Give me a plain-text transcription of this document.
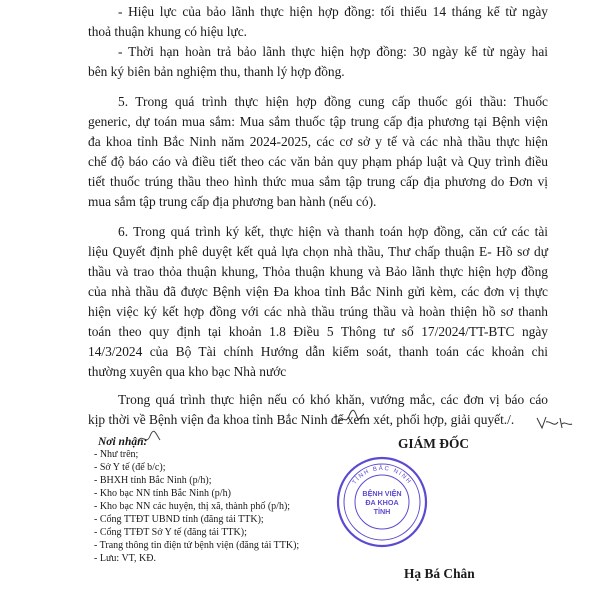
- Hiệu lực của bảo lãnh thực hiện hợp đồng: tối thiểu 14 tháng kể từ ngày
thoả thuận khung có hiệu lực.
- Thời hạn hoàn trả bảo lãnh thực hiện hợp đồng: 30 ngày kể từ ngày hai
bên ký biên bản nghiệm thu, thanh lý hợp đồng.
5. Trong quá trình thực hiện hợp đồng cung cấp thuốc gói thầu: Thuốc
generic, dự toán mua sắm: Mua sắm thuốc tập trung cấp địa phương tại Bệnh viện
đa khoa tỉnh Bắc Ninh năm 2024-2025, các cơ sở y tế và các nhà thầu thực hiện
chế độ báo cáo và điều tiết theo các văn bản quy phạm pháp luật và Quy trình điều
tiết thuốc trúng thầu theo hình thức mua sắm tập trung cấp địa phương do Đơn vị
mua sắm tập trung cấp địa phương ban hành (nếu có).
6. Trong quá trình ký kết, thực hiện và thanh toán hợp đồng, căn cứ các tài
liệu Quyết định phê duyệt kết quả lựa chọn nhà thầu, Thư chấp thuận E- Hồ sơ dự
thầu và trao thỏa thuận khung, Thỏa thuận khung và Bảo lãnh thực hiện hợp đồng
của nhà thầu đã được Bệnh viện Đa khoa tỉnh Bắc Ninh gửi kèm, các đơn vị thực
hiện việc ký kết hợp đồng với các nhà thầu trúng thầu và hoàn thiện hồ sơ thanh
toán theo quy định tại khoản 1.8 Điều 5 Thông tư số 17/2024/TT-BTC ngày
14/3/2024 của Bộ Tài chính Hướng dẫn kiểm soát, thanh toán các khoản chi
thường xuyên qua kho bạc Nhà nước
Trong quá trình thực hiện nếu có khó khăn, vướng mắc, các đơn vị báo cáo
kịp thời về Bệnh viện đa khoa tỉnh Bắc Ninh để xem xét, phối hợp, giải quyết./.
Nơi nhận:
- Như trên;
- Sở Y tế (để b/c);
- BHXH tỉnh Bắc Ninh (p/h);
- Kho bạc NN tỉnh Bắc Ninh (p/h)
- Kho bạc NN các huyện, thị xã, thành phố (p/h);
- Cổng TTĐT UBND tỉnh (đăng tải TTK);
- Cổng TTĐT Sở Y tế (đăng tải TTK);
- Trang thông tin điện tử bệnh viện (đăng tải TTK);
- Lưu: VT, KĐ.
GIÁM ĐỐC
TỈNH BẮC NINH
BỆNH VIỆN
ĐA KHOA
TỈNH
Hạ Bá Chân
